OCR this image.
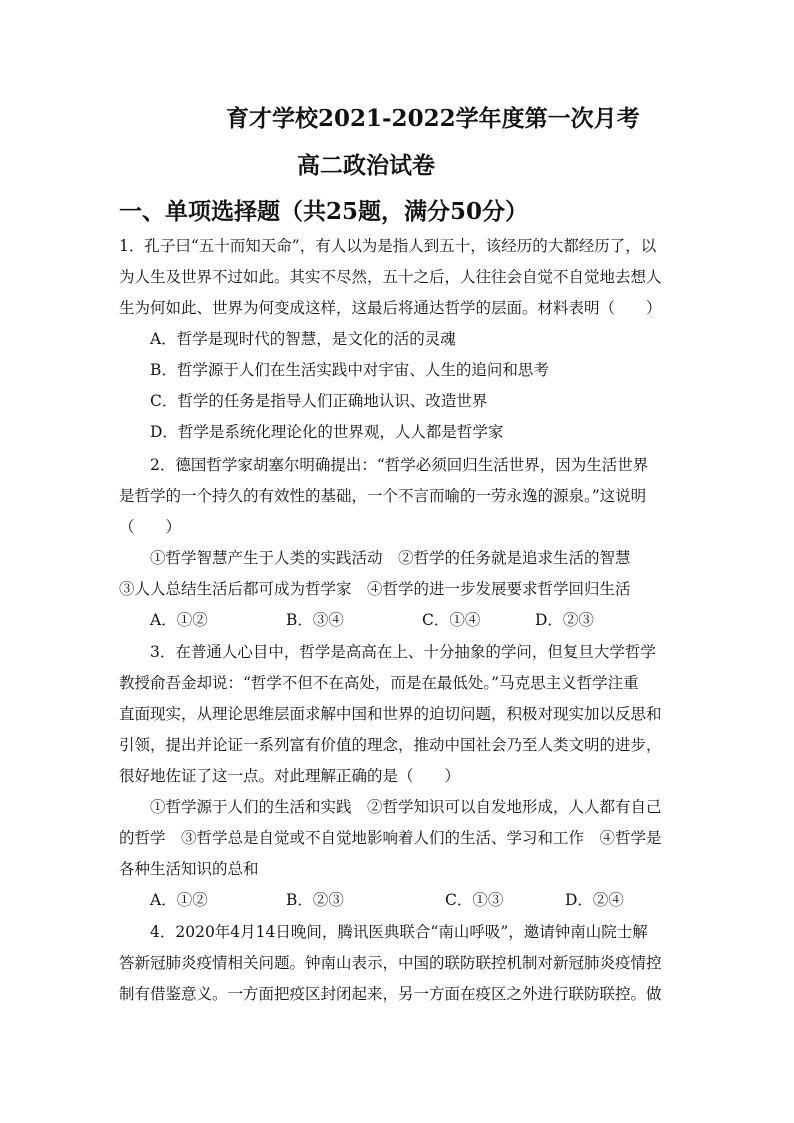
育才学校2021-2022学年度第一次月考
高二政治试卷
一、单项选择题（共25题，满分50分）
1．孔子曰“五十而知天命”，有人以为是指人到五十，该经历的大都经历了，以
为人生及世界不过如此。其实不尽然，五十之后，人往往会自觉不自觉地去想人
生为何如此、世界为何变成这样，这最后将通达哲学的层面。材料表明（　　）
A．哲学是现时代的智慧，是文化的活的灵魂
B．哲学源于人们在生活实践中对宇宙、人生的追问和思考
C．哲学的任务是指导人们正确地认识、改造世界
D．哲学是系统化理论化的世界观，人人都是哲学家
2．德国哲学家胡塞尔明确提出：“哲学必须回归生活世界，因为生活世界
是哲学的一个持久的有效性的基础，一个不言而喻的一劳永逸的源泉。”这说明
（　　）
①哲学智慧产生于人类的实践活动　②哲学的任务就是追求生活的智慧
③人人总结生活后都可成为哲学家　④哲学的进一步发展要求哲学回归生活
A．①②	B．③④	C．①④	D．②③
3．在普通人心目中，哲学是高高在上、十分抽象的学问，但复旦大学哲学
教授俞吾金却说：“哲学不但不在高处，而是在最低处。”马克思主义哲学注重
直面现实，从理论思维层面求解中国和世界的迫切问题，积极对现实加以反思和
引领，提出并论证一系列富有价值的理念，推动中国社会乃至人类文明的进步，
很好地佐证了这一点。对此理解正确的是（　　）
①哲学源于人们的生活和实践　②哲学知识可以自发地形成，人人都有自己
的哲学　③哲学总是自觉或不自觉地影响着人们的生活、学习和工作　④哲学是
各种生活知识的总和
A．①②	B．②③	C．①③	D．②④
4．2020年4月14日晚间，腾讯医典联合“南山呼吸”，邀请钟南山院士解
答新冠肺炎疫情相关问题。钟南山表示，中国的联防联控机制对新冠肺炎疫情控
制有借鉴意义。一方面把疫区封闭起来，另一方面在疫区之外进行联防联控。做
